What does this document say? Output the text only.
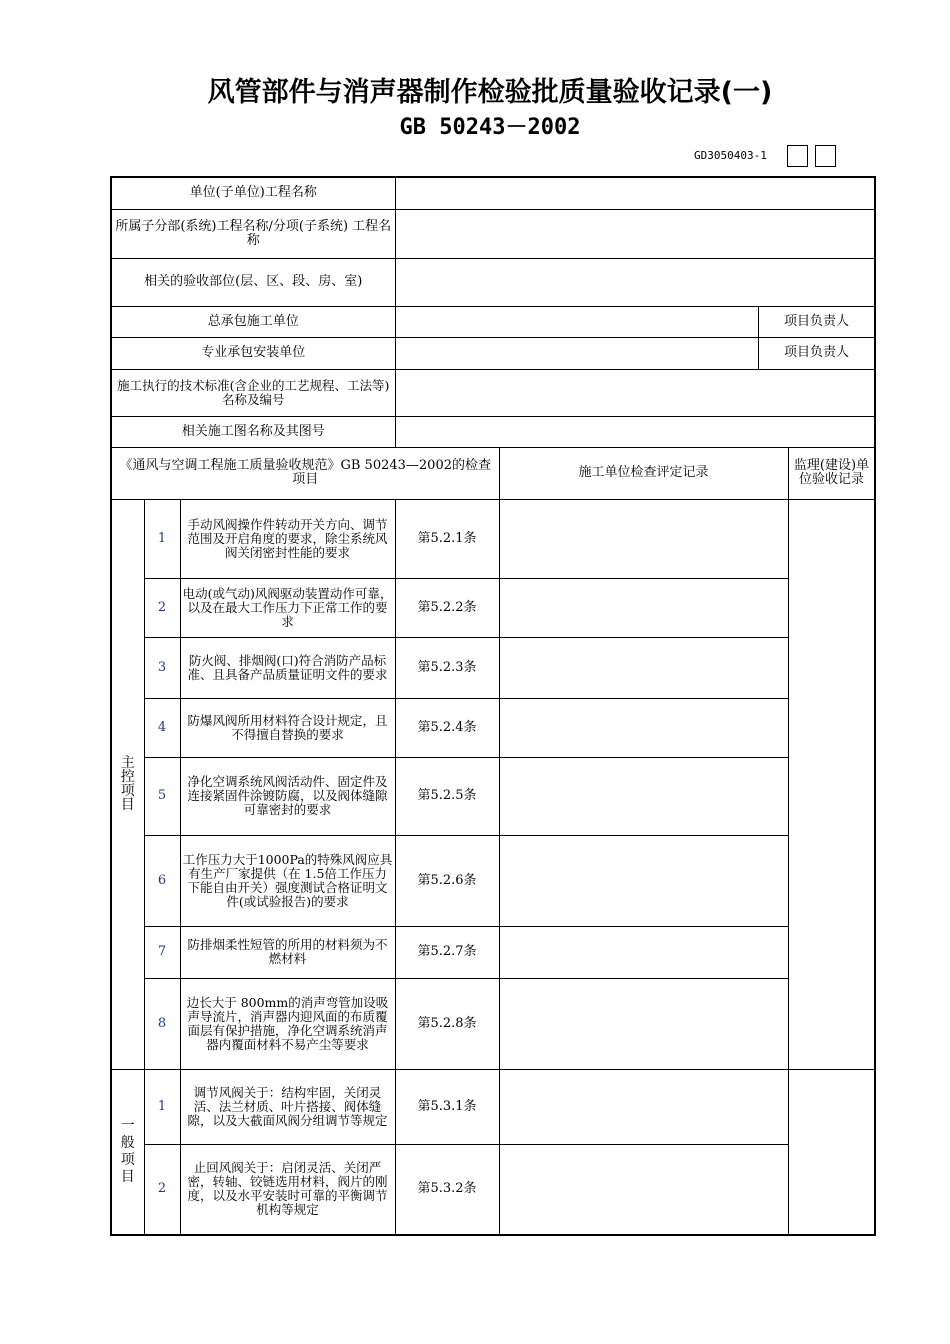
风管部件与消声器制作检验批质量验收记录(一)
GB 50243－2002
GD3050403-1
单位(子单位)工程名称							
所属子分部(系统)工程名称/分项(子系统) 工程名称							
相关的验收部位(层、区、段、房、室)							
总承包施工单位					项目负责人		
专业承包安装单位					项目负责人		
施工执行的技术标准(含企业的工艺规程、工法等)名称及编号							
相关施工图名称及其图号							
《通风与空调工程施工质量验收规范》GB 50243—2002的检查项目				施工单位检查评定记录		监理(建设)单位验收记录	

主控项目	1	手动风阀操作件转动开关方向、调节范围及开启角度的要求，除尘系统风阀关闭密封性能的要求	第5.2.1条				
	2	电动(或气动)风阀驱动装置动作可靠，以及在最大工作压力下正常工作的要求	第5.2.2条				
	3	防火阀、排烟阀(口)符合消防产品标准、且具备产品质量证明文件的要求	第5.2.3条				
	4	防爆风阀所用材料符合设计规定，且不得擅自替换的要求	第5.2.4条				
	5	净化空调系统风阀活动件、固定件及连接紧固件涂镀防腐，以及阀体缝隙可靠密封的要求	第5.2.5条				
	6	工作压力大于1000Pa的特殊风阀应具有生产厂家提供（在 1.5倍工作压力下能自由开关）强度测试合格证明文件(或试验报告)的要求	第5.2.6条				
	7	防排烟柔性短管的所用的材料须为不燃材料	第5.2.7条				
	8	边长大于 800mm的消声弯管加设吸声导流片，消声器内迎风面的布质覆面层有保护措施，净化空调系统消声器内覆面材料不易产尘等要求	第5.2.8条				

一般项目	1	调节风阀关于：结构牢固，关闭灵活、法兰材质、叶片搭接、阀体缝隙，以及大截面风阀分组调节等规定	第5.3.1条				
	2	止回风阀关于：启闭灵活、关闭严密，转轴、铰链选用材料，阀片的刚度，以及水平安装时可靠的平衡调节机构等规定	第5.3.2条				
